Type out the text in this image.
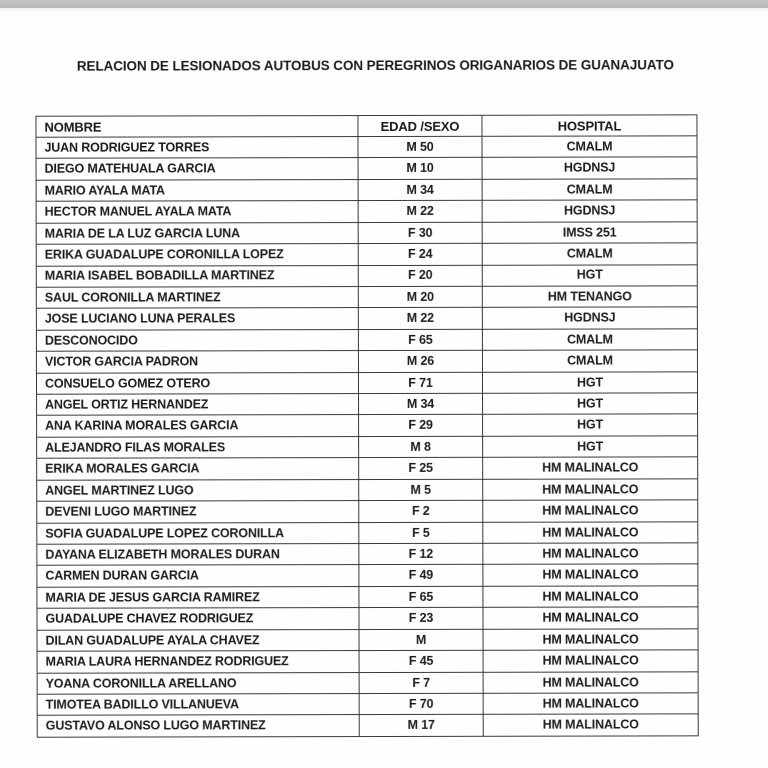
RELACION DE LESIONADOS AUTOBUS CON PEREGRINOS ORIGANARIOS DE GUANAJUATO
NOMBRE	EDAD /SEXO	HOSPITAL
JUAN RODRIGUEZ TORRES	M 50	CMALM
DIEGO MATEHUALA GARCIA	M 10	HGDNSJ
MARIO AYALA MATA	M 34	CMALM
HECTOR MANUEL AYALA MATA	M 22	HGDNSJ
MARIA DE LA LUZ GARCIA LUNA	F 30	IMSS 251
ERIKA GUADALUPE CORONILLA LOPEZ	F 24	CMALM
MARIA ISABEL BOBADILLA MARTINEZ	F 20	HGT
SAUL CORONILLA MARTINEZ	M 20	HM TENANGO
JOSE LUCIANO LUNA PERALES	M 22	HGDNSJ
DESCONOCIDO	F 65	CMALM
VICTOR GARCIA PADRON	M 26	CMALM
CONSUELO GOMEZ OTERO	F 71	HGT
ANGEL ORTIZ HERNANDEZ	M 34	HGT
ANA KARINA MORALES GARCIA	F 29	HGT
ALEJANDRO FILAS MORALES	M 8	HGT
ERIKA MORALES GARCIA	F 25	HM MALINALCO
ANGEL MARTINEZ LUGO	M 5	HM MALINALCO
DEVENI LUGO MARTINEZ	F 2	HM MALINALCO
SOFIA GUADALUPE LOPEZ CORONILLA	F 5	HM MALINALCO
DAYANA ELIZABETH MORALES DURAN	F 12	HM MALINALCO
CARMEN DURAN GARCIA	F 49	HM MALINALCO
MARIA DE JESUS GARCIA RAMIREZ	F 65	HM MALINALCO
GUADALUPE CHAVEZ RODRIGUEZ	F 23	HM MALINALCO
DILAN GUADALUPE AYALA CHAVEZ	M	HM MALINALCO
MARIA LAURA HERNANDEZ RODRIGUEZ	F 45	HM MALINALCO
YOANA CORONILLA ARELLANO	F 7	HM MALINALCO
TIMOTEA BADILLO VILLANUEVA	F 70	HM MALINALCO
GUSTAVO ALONSO LUGO MARTINEZ	M 17	HM MALINALCO
